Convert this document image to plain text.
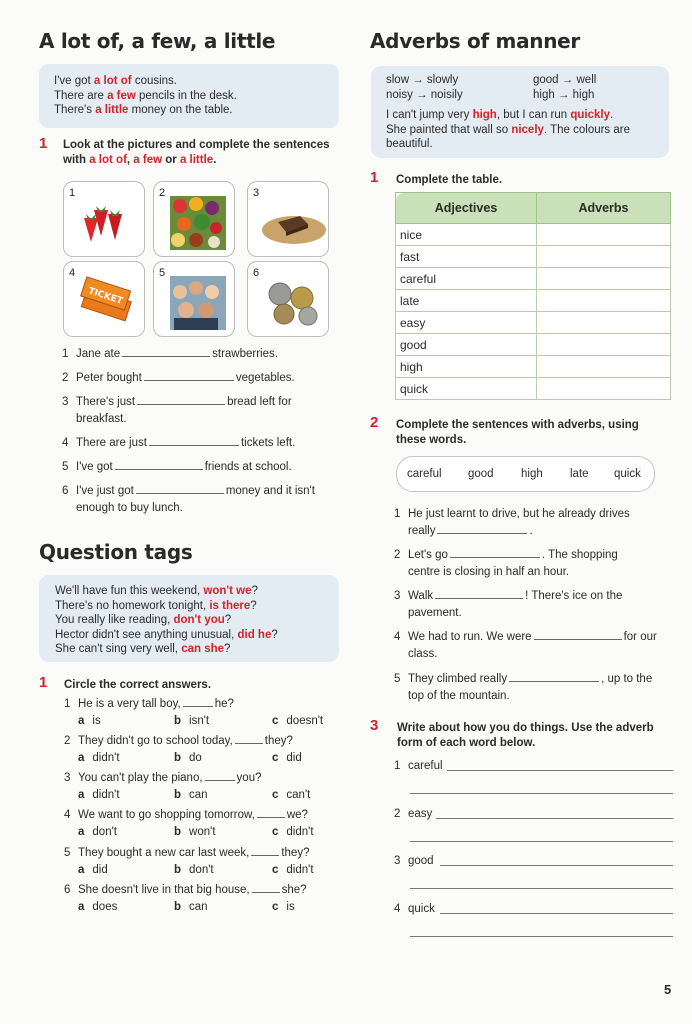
A lot of, a few, a little
I've got a lot of cousins.
There are a few pencils in the desk.
There's a little money on the table.
1 Look at the pictures and complete the sentences
with a lot of, a few or a little.
1	2	3
4
TICKET
5	6
1 Jane ate	strawberries.
2 Peter bought	vegetables.
3 There's just	bread left for
breakfast.
4 There are just	tickets left.
5 I've got	friends at school.
6 I've just got	money and it isn't
enough to buy lunch.
Question tags
We'll have fun this weekend, won't we?
There's no homework tonight, is there?
You really like reading, don't you?
Hector didn't see anything unusual, did he?
She can't sing very well, can she?
1 Circle the correct answers.
1 He is a very tall boy,	he?
a is	b isn't	c doesn't
2 They didn't go to school today,	they?
a didn't	b do	c did
3 You can't play the piano,	you?
a didn't	b can	c can't
4 We want to go shopping tomorrow,	we?
a don't	b won't	c didn't
5 They bought a new car last week,	they?
a did	b don't	c didn't
6 She doesn't live in that big house,	she?
a does	b can	c is
Adverbs of manner
slow → slowly
noisy → noisily
good → well
high → high
I can't jump very high, but I can run quickly.
She painted that wall so nicely. The colours are
beautiful.
1 Complete the table.
Adjectives	Adverbs
nice	
fast	
careful	
late	
easy	
good	
high	
quick	
2 Complete the sentences with adverbs, using
these words.
careful good high late quick
1 He just learnt to drive, but he already drives
really	.
2 Let's go	. The shopping
centre is closing in half an hour.
3 Walk	! There's ice on the
pavement.
4 We had to run. We were	for our
class.
5 They climbed really	, up to the
top of the mountain.
3 Write about how you do things. Use the adverb
form of each word below.
1 careful
2 easy
3 good
4 quick
5
